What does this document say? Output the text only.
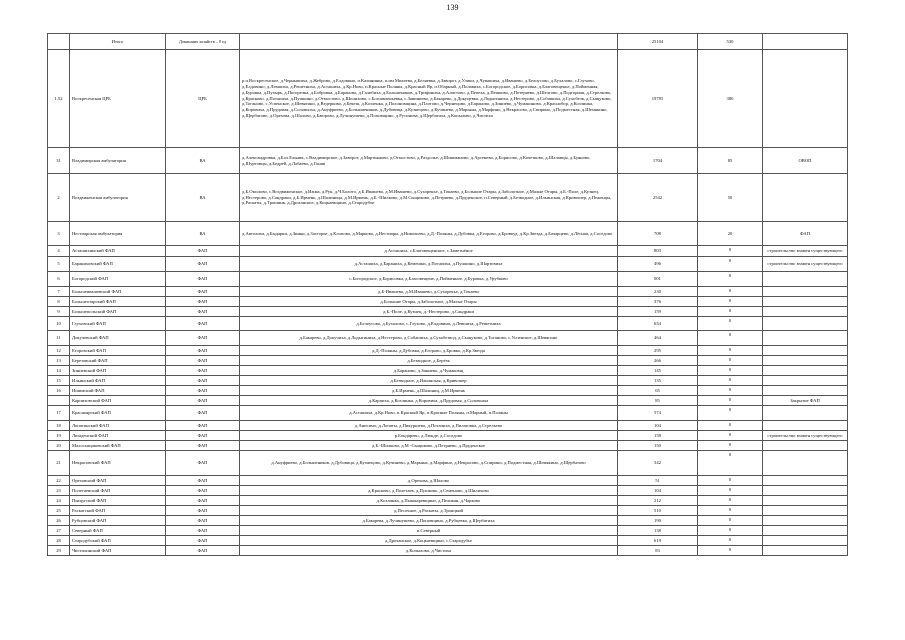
139
	Итого	Домашних хозяйств – 0 ед		25104	530	
1.52	Воскресенская ЦРБ	ЦРБ	р.п.Воскресенское, д.Чернышиха, д.Жеброво, д.Елдовино, п.Калининка, п.им Михеева, д.Беляевка, д.Заворот, д.Улики, д.Чувашиха, д.Ивашево, д.Белоусово, д.Бухалово, с.Глухово, д.Елдовино, д.Левшиха, д.Решетниха, д.Асташиха, д.Кр.Ново, п.Красные Поляны, д.Красный Яр, п.Обарный, д.Полавиха, с.Богородское, д.Борисовка, д.Благовещенье, д.Пойменная, д.Буровка, д.Пузырь, д.Погорелка, д.Бобровка, д.Бараново, д.Галибиха, д.Большеников, д.Трифониха, д.Алистово, д.Пепеха, д.Пешково, д.Потеряево, д.Шелгово, д.Подгорная, д.Стрелково, д.Красково, д.Потапиха, д.Пушкино, д.Отмостово, д.Шилихово, с.Богоявленьевка, с.Завиниево, д.Бакарево, д.Докуцевка, д.Лодыгиниха, д.Нестерово, д.Собашиха, д.Сухобезв, д.Сыщуково, д.Тоганово, с.Успенское, д.Шевягино, д.Ведерково, д.Бекеш, д.Козленка, д.Полоновщина, д.Плотово, д.Чернецово, д.Бараново, д.Зиниево, д.Чумакиново, д.Краснобор, д.Козлинка, д.Коровиха, д.Прудовая, д.Соловьиха, д.Ануфриево, д.Большиеников, д.Дубовица, д.Кузнецово, д.Кучинево, д.Марьяна, д.Марфино, д.Некрасово, д.Спирино, д.Подместная, д.Шемякино, д.Щербатово, д.Орехова, д.Шалово, д.Баюрово, д.Лучинушево, д.Поповщино, д.Русинова, д.Щербатиха, д.Копылово, д.Чистиха	19785	380	
31	Владимирская амбулатория	ВА	д.Александровка, д.Бол.Ельник, с.Владимирское, д.Заворот, д.Мартьяново, д.Отмостово, д.Раздолье, д.Шишманово, д.Арсенево, д.Борисово, д.Кочетково, д.Шалавцы, д.Буяново, д.Шуртовцы, д.Бедрей, д.Лабаево, д.Гоняв	1704	85	ОВОП
2	Воздвиженская амбулатория	ВА	д.Б.Омолово, с.Воздвиженское, д.Ижма, д.Рук, д.Ч.Болото, д.Б.Ивашево, д.М.Ивашево, д.Сухорекье, д.Токаево, д.Большие Отары, д.Заболотное, д.Малые Отары, д.Б.-Поле, д.Кузнец, д.Нестерово, д.Сандраки, д.Б.Ирмень, д.Шалиница, д.М.Ирмень, д.Б.-Шилково, д.М.Сыщиково, д.Петряево, д.Пруденское, п.Северный, д.Безводное, д.Ильинская, д.Кривошер, д.Пеженцы, д.Раскаты, д.Трошинк, д.Дроханское, д.Коцкаевщино, д.Стародубье	2542	50	
3	Нестиарская амбулатория	ВА	д.Автолиха, д.Быдарки, д.Зинки, д.Засторье, д.Клопово, д.Марково, д.Нестиары, д.Никольево, д.Д.-Поляны, д.Дубовка, д.Егорово, д.Бровкуд, д.Кр.Звезда, д.Бачарцево, д.Лёсная, д.Соседово	708	20	ФАП
4	Асташихинский ФАП	ФАП	д.Асташиха, с.Благовещенское, с.Заметнёное	803	0	строительство взамен существующего
5	Бараниховский ФАП	ФАП	д.Асташиха, д.Бараниха, д.Кемешки, д.Потапиха, д.Пушкино, д.Шартовиха	496	0	строительство взамен существующего
6	Богородский ФАП	ФАП	с.Богородское, д.Борисовка, д.Благовещене, д.Пойменное, д.Буровка, д.Урубково	001	0	
7	Большеивашевский ФАП	ФАП	д.Б-Ивашево, д.М.Ивашево, д.Сухорекье, д.Токаево	230	0	
8	Большеотарский ФАП	ФАП	д.Большие Отары, д.Заболотное, д.Малые Отары	376	0	
9	Большепольский ФАП	ФАП	д.Б.-Поле, д.Кузнец, д.-Нестерово, д.Сандраки	159	0	
10	Глуховский ФАП	ФАП	д.Белоусово, д.Бухалово, с.Глухово, д.Елдовино, д.Левшиха, д.Решетниха	654	0	
11	Докучевский ФАП	ФАП	д.Бакарево, д.Докучиха, д.Лодыгиниха, д.Нестерово, д.Собашиха, д.Сухобезвод, д.Сыщуково, д.Тоганово, с.Успенское, д.Шевягино	464	0	
12	Егоровский ФАП	ФАП	д.Д.-Поляны, д.Дубовка, д.Егорово, д.Бровко, д.Кр.Звезда	295	0	
13	Березовский ФАП	ФАП	д.Безводное, д.Берёзк	266	0	
14	Зиниевский ФАП	ФАП	д.Бараново, д.Зиниево, д.Чумаковщ	145	0	
15	Ильинский ФАП	ФАП	д.Безводное, д.Ильинская, д.Кривошер	135	0	
16	Ишимский ФАП	ФАП	д.Б.Ирмень, д.Шалиниц, д.М.Ирмень	65	0	
	Карпиховский ФАП	ФАП	д.Карпиха, д.Козлинка, д.Коровиха, д.Прудовая, д.Соловьиха	85	0	Закрытие ФАП
17	Красноярский ФАП	ФАП	д.Асташиха, д.Кр.Ново, п.Красный Яр, п.Красные Поляны, п.Марный, п.Поляны	574	0	
18	Лопатинский ФАП	ФАП	д.Анисимо, д.Лопаты, д.Пикуршево, д.Потапиха, д.Пилатовка, д.Стрельево	104	0	
19	Люнденский ФАП	ФАП	р.Бондарево, д.Люнде, д.Соседово	158	0	строительство взамен существующего
20	Малосыщиковский ФАП	ФАП	д.Б.-Шилково, д.М.-Сыщиково, д.Петряево, д.Пруденское	150	0	
21	Некрасовский ФАП	ФАП	д.Ануфриево, д.Большеников, д.Дубовица, д.Кузнецово, д.Кучинево, д.Марьяна, д.Марфино, д.Некрасово, д.Спирино, д.Подместная, д.Шемякино, д.Щербатово	342	0	
22	Ореховский ФАП	ФАП	д.Орехова, д.Шалово	51	0	
23	Полетаевский ФАП	ФАП	д.Красково, д.Полетаев, д.Пушково, д.Семеново, д.Шилихово	104	0	
24	Пыщугский ФАП	ФАП	д.Козлинка, д.Пышкаревщино, д.Пеликан, д.Чарково	212	0	
25	Раскатский ФАП	ФАП	д.Песочное, д.Раскаты, д.Троицкий	510	0	
26	Рубцовский ФАП	ФАП	д.Бакарева, д.Лучинушево, д.Поповщино, д.Рубцевка, д.Щербатиха	190	0	
27	Северный ФАП	ФАП	п.Северный	138	0	
28	Стародубский ФАП	ФАП	д.Дроханское, д.Коцкаевщино, с.Стародубье	619	0	
29	Чистихинский ФАП	ФАП	д.Копылово, д.Чистиха	83	0	
